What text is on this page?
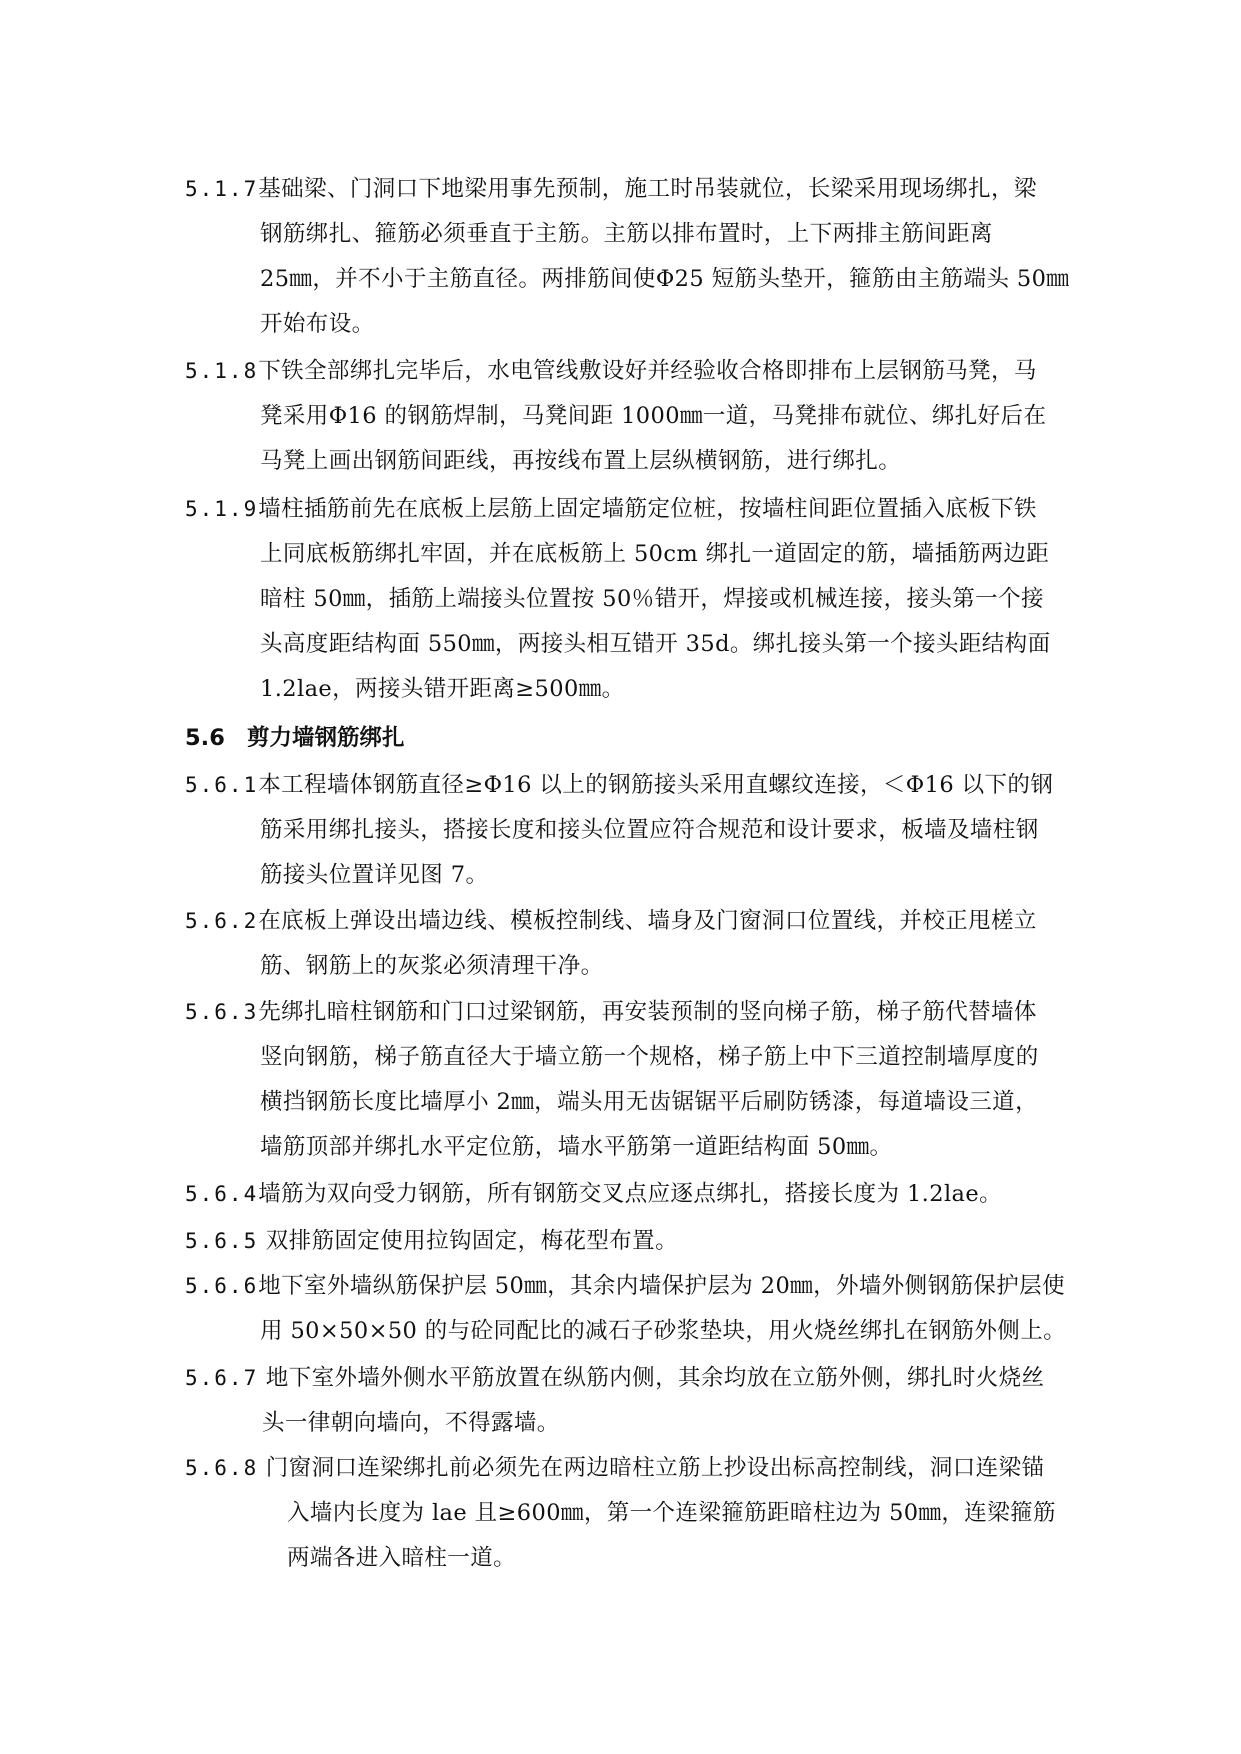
5.1.7基础梁、门洞口下地梁用事先预制，施工时吊装就位，长梁采用现场绑扎，梁
钢筋绑扎、箍筋必须垂直于主筋。主筋以排布置时，上下两排主筋间距离
25㎜，并不小于主筋直径。两排筋间使Φ25 短筋头垫开，箍筋由主筋端头 50㎜
开始布设。
5.1.8下铁全部绑扎完毕后，水电管线敷设好并经验收合格即排布上层钢筋马凳，马
凳采用Φ16 的钢筋焊制，马凳间距 1000㎜一道，马凳排布就位、绑扎好后在
马凳上画出钢筋间距线，再按线布置上层纵横钢筋，进行绑扎。
5.1.9墙柱插筋前先在底板上层筋上固定墙筋定位桩，按墙柱间距位置插入底板下铁
上同底板筋绑扎牢固，并在底板筋上 50cm 绑扎一道固定的筋，墙插筋两边距
暗柱 50㎜，插筋上端接头位置按 50％错开，焊接或机械连接，接头第一个接
头高度距结构面 550㎜，两接头相互错开 35d。绑扎接头第一个接头距结构面
1.2lae，两接头错开距离≥500㎜。
5.6 剪力墙钢筋绑扎
5.6.1本工程墙体钢筋直径≥Φ16 以上的钢筋接头采用直螺纹连接，＜Φ16 以下的钢
筋采用绑扎接头，搭接长度和接头位置应符合规范和设计要求，板墙及墙柱钢
筋接头位置详见图 7。
5.6.2在底板上弹设出墙边线、模板控制线、墙身及门窗洞口位置线，并校正甩槎立
筋、钢筋上的灰浆必须清理干净。
5.6.3先绑扎暗柱钢筋和门口过梁钢筋，再安装预制的竖向梯子筋，梯子筋代替墙体
竖向钢筋，梯子筋直径大于墙立筋一个规格，梯子筋上中下三道控制墙厚度的
横挡钢筋长度比墙厚小 2㎜，端头用无齿锯锯平后刷防锈漆，每道墙设三道，
墙筋顶部并绑扎水平定位筋，墙水平筋第一道距结构面 50㎜。
5.6.4墙筋为双向受力钢筋，所有钢筋交叉点应逐点绑扎，搭接长度为 1.2lae。
5.6.5 双排筋固定使用拉钩固定，梅花型布置。
5.6.6地下室外墙纵筋保护层 50㎜，其余内墙保护层为 20㎜，外墙外侧钢筋保护层使
用 50×50×50 的与砼同配比的减石子砂浆垫块，用火烧丝绑扎在钢筋外侧上。
5.6.7 地下室外墙外侧水平筋放置在纵筋内侧，其余均放在立筋外侧，绑扎时火烧丝
头一律朝向墙向，不得露墙。
5.6.8 门窗洞口连梁绑扎前必须先在两边暗柱立筋上抄设出标高控制线，洞口连梁锚
入墙内长度为 lae 且≥600㎜，第一个连梁箍筋距暗柱边为 50㎜，连梁箍筋
两端各进入暗柱一道。
